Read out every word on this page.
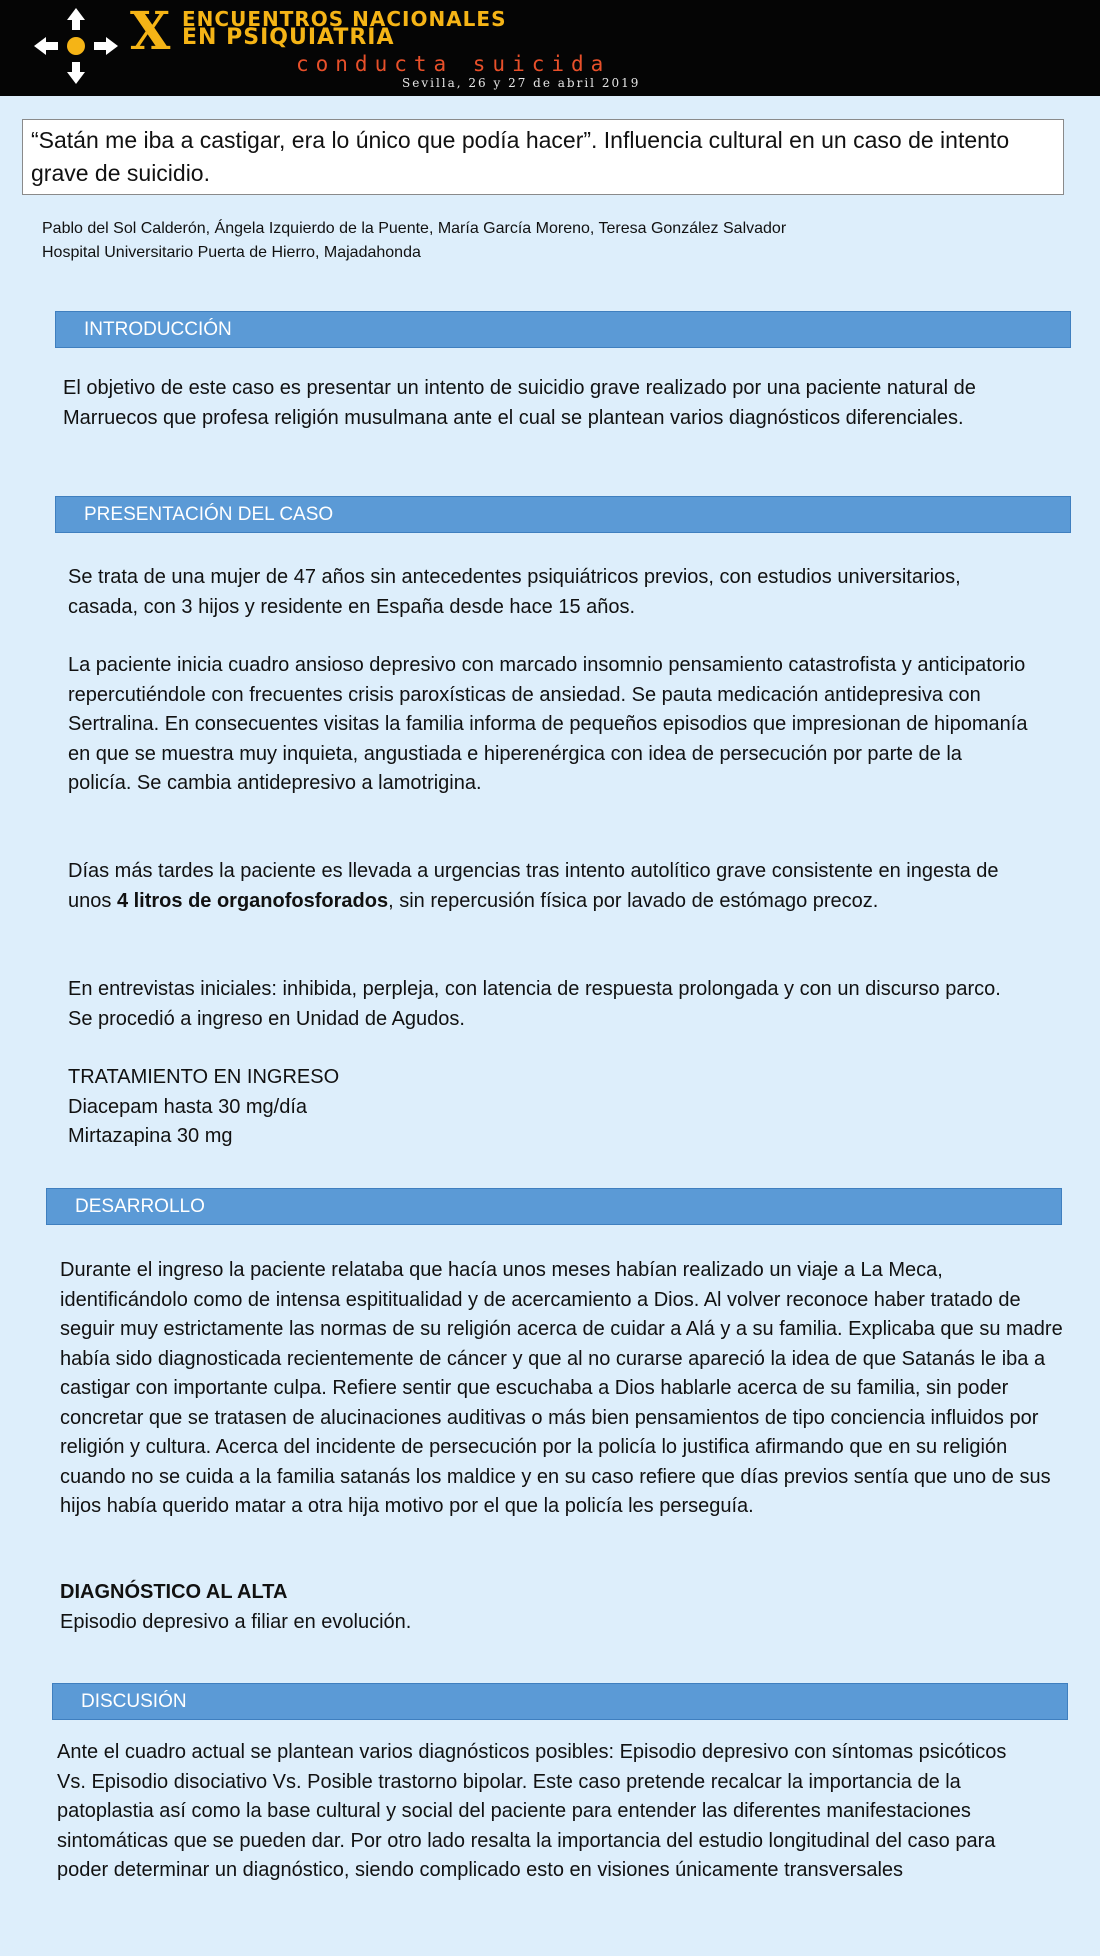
X ENCUENTROS NACIONALES
EN PSIQUIATRÍA
conducta suicida
Sevilla, 26 y 27 de abril 2019
“Satán me iba a castigar, era lo único que podía hacer”. Influencia cultural en un caso de intento grave de suicidio.
Pablo del Sol Calderón, Ángela Izquierdo de la Puente, María García Moreno, Teresa González Salvador
Hospital Universitario Puerta de Hierro, Majadahonda
INTRODUCCIÓN

El objetivo de este caso es presentar un intento de suicidio grave realizado por una paciente natural de Marruecos que profesa religión musulmana ante el cual se plantean varios diagnósticos diferenciales.

PRESENTACIÓN DEL CASO

Se trata de una mujer de 47 años sin antecedentes psiquiátricos previos, con estudios universitarios, casada, con 3 hijos y residente en España desde hace 15 años.

La paciente inicia cuadro ansioso depresivo con marcado insomnio pensamiento catastrofista y anticipatorio repercutiéndole con frecuentes crisis paroxísticas de ansiedad. Se pauta medicación antidepresiva con Sertralina. En consecuentes visitas la familia informa de pequeños episodios que impresionan de hipomanía en que se muestra muy inquieta, angustiada e hiperenérgica con idea de persecución por parte de la policía. Se cambia antidepresivo a lamotrigina.

Días más tardes la paciente es llevada a urgencias tras intento autolítico grave consistente en ingesta de unos 4 litros de organofosforados, sin repercusión física por lavado de estómago precoz.

En entrevistas iniciales: inhibida, perpleja, con latencia de respuesta prolongada y con un discurso parco. Se procedió a ingreso en Unidad de Agudos.

TRATAMIENTO EN INGRESO
Diacepam hasta 30 mg/día
Mirtazapina 30 mg

DESARROLLO

Durante el ingreso la paciente relataba que hacía unos meses habían realizado un viaje a La Meca, identificándolo como de intensa espititualidad y de acercamiento a Dios. Al volver reconoce haber tratado de seguir muy estrictamente las normas de su religión acerca de cuidar a Alá y a su familia. Explicaba que su madre había sido diagnosticada recientemente de cáncer y que al no curarse apareció la idea de que Satanás le iba a castigar con importante culpa. Refiere sentir que escuchaba a Dios hablarle acerca de su familia, sin poder concretar que se tratasen de alucinaciones auditivas o más bien pensamientos de tipo conciencia influidos por religión y cultura. Acerca del incidente de persecución por la policía lo justifica afirmando que en su religión cuando no se cuida a la familia satanás los maldice y en su caso refiere que días previos sentía que uno de sus hijos había querido matar a otra hija motivo por el que la policía les perseguía.

DIAGNÓSTICO AL ALTA
Episodio depresivo a filiar en evolución.

DISCUSIÓN

Ante el cuadro actual se plantean varios diagnósticos posibles: Episodio depresivo con síntomas psicóticos Vs. Episodio disociativo Vs. Posible trastorno bipolar. Este caso pretende recalcar la importancia de la patoplastia así como la base cultural y social del paciente para entender las diferentes manifestaciones sintomáticas que se pueden dar. Por otro lado resalta la importancia del estudio longitudinal del caso para poder determinar un diagnóstico, siendo complicado esto en visiones únicamente transversales
